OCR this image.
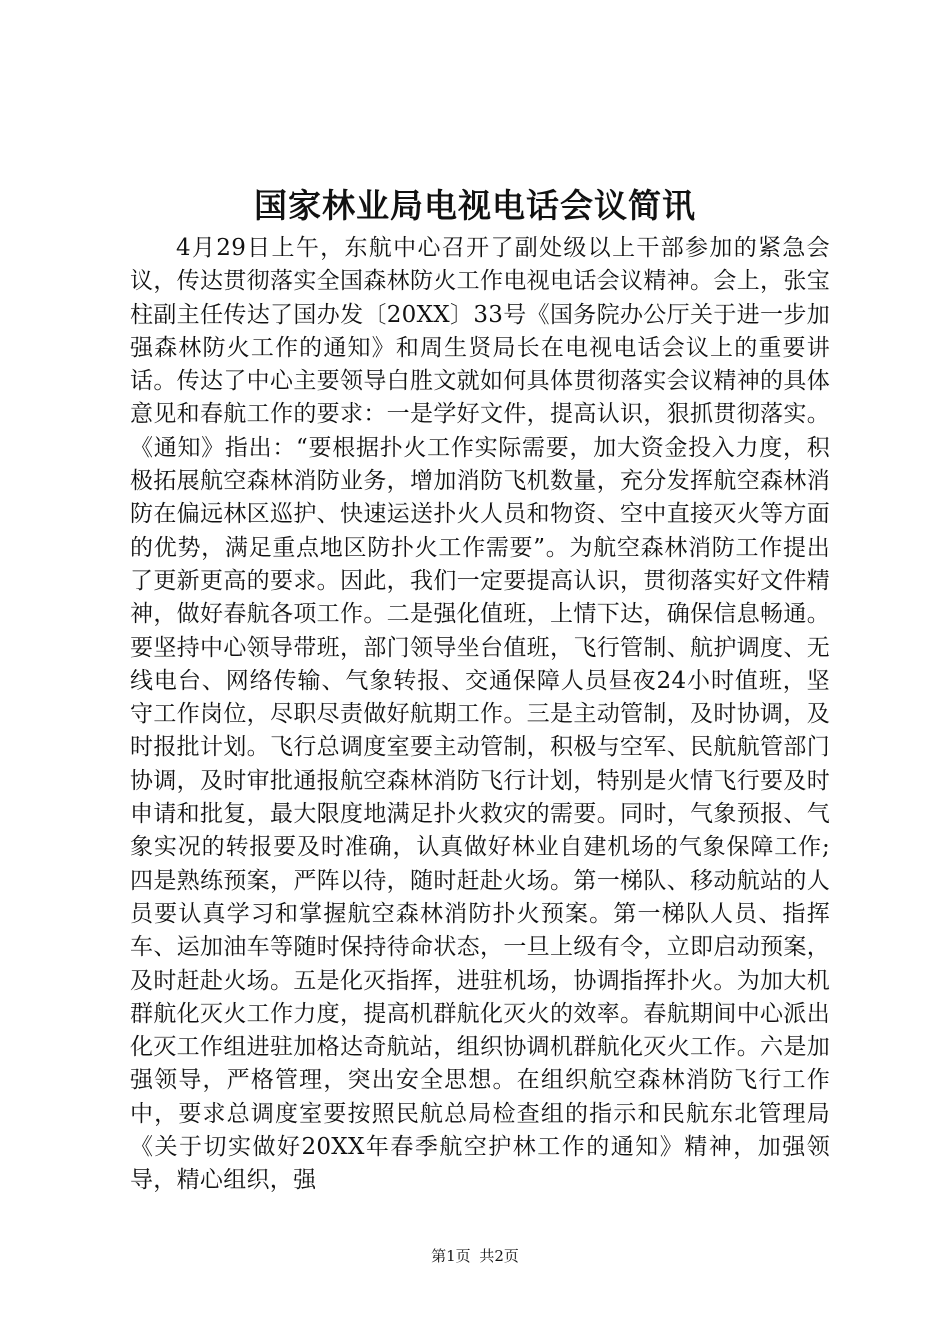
国家林业局电视电话会议简讯

4月29日上午，东航中心召开了副处级以上干部参加的紧急会议，传达贯彻落实全国森林防火工作电视电话会议精神。会上，张宝柱副主任传达了国办发〔20XX〕33号《国务院办公厅关于进一步加强森林防火工作的通知》和周生贤局长在电视电话会议上的重要讲话。传达了中心主要领导白胜文就如何具体贯彻落实会议精神的具体意见和春航工作的要求：一是学好文件，提高认识，狠抓贯彻落实。《通知》指出：“要根据扑火工作实际需要，加大资金投入力度，积极拓展航空森林消防业务，增加消防飞机数量，充分发挥航空森林消防在偏远林区巡护、快速运送扑火人员和物资、空中直接灭火等方面的优势，满足重点地区防扑火工作需要”。为航空森林消防工作提出了更新更高的要求。因此，我们一定要提高认识，贯彻落实好文件精神，做好春航各项工作。二是强化值班，上情下达，确保信息畅通。要坚持中心领导带班，部门领导坐台值班，飞行管制、航护调度、无线电台、网络传输、气象转报、交通保障人员昼夜24小时值班，坚守工作岗位，尽职尽责做好航期工作。三是主动管制，及时协调，及时报批计划。飞行总调度室要主动管制，积极与空军、民航航管部门协调，及时审批通报航空森林消防飞行计划，特别是火情飞行要及时申请和批复，最大限度地满足扑火救灾的需要。同时，气象预报、气象实况的转报要及时准确，认真做好林业自建机场的气象保障工作;四是熟练预案，严阵以待，随时赶赴火场。第一梯队、移动航站的人员要认真学习和掌握航空森林消防扑火预案。第一梯队人员、指挥车、运加油车等随时保持待命状态，一旦上级有令，立即启动预案，及时赶赴火场。五是化灭指挥，进驻机场，协调指挥扑火。为加大机群航化灭火工作力度，提高机群航化灭火的效率。春航期间中心派出化灭工作组进驻加格达奇航站，组织协调机群航化灭火工作。六是加强领导，严格管理，突出安全思想。在组织航空森林消防飞行工作中，要求总调度室要按照民航总局检查组的指示和民航东北管理局《关于切实做好20XX年春季航空护林工作的通知》精神，加强领导，精心组织，强

第1页 共2页
